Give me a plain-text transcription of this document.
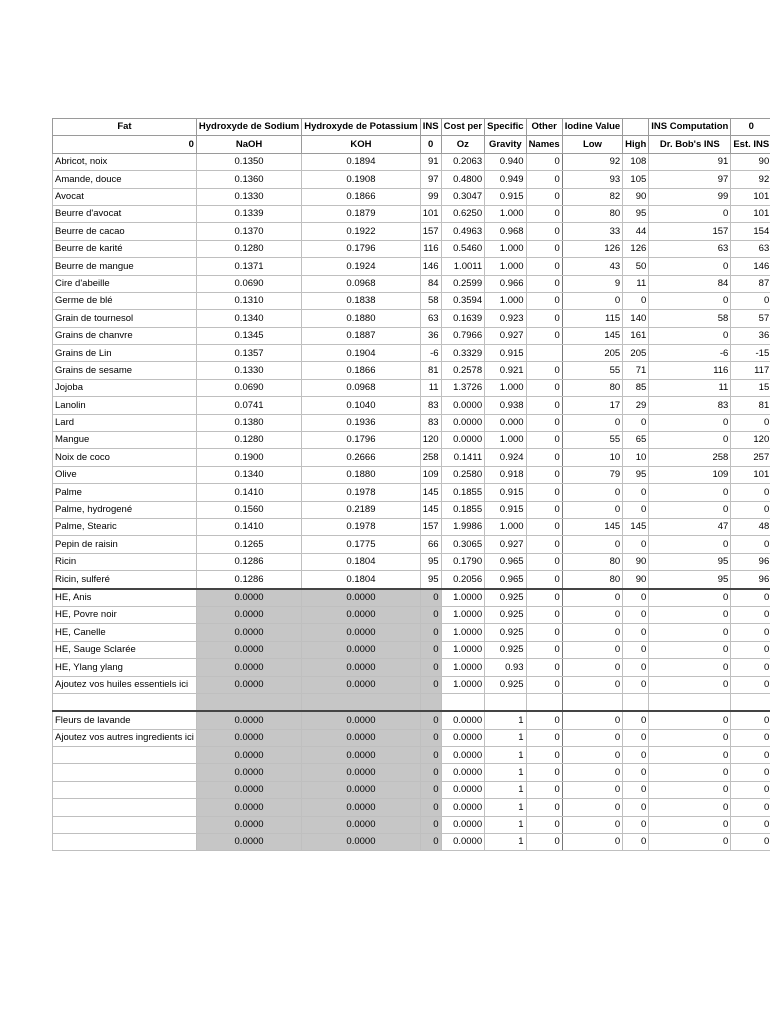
Fat	Hydroxyde de Sodium	Hydroxyde de Potassium	INS	Cost per	Specific	Other	Iodine Value		INS Computation	0
0	NaOH	KOH	0	Oz	Gravity	Names	Low	High	Dr. Bob's INS	Est. INS
Abricot, noix	0.1350	0.1894	91	0.2063	0.940	0	92	108	91	90
Amande, douce	0.1360	0.1908	97	0.4800	0.949	0	93	105	97	92
Avocat	0.1330	0.1866	99	0.3047	0.915	0	82	90	99	101
Beurre d'avocat	0.1339	0.1879	101	0.6250	1.000	0	80	95	0	101
Beurre de cacao	0.1370	0.1922	157	0.4963	0.968	0	33	44	157	154
Beurre de karité	0.1280	0.1796	116	0.5460	1.000	0	126	126	63	63
Beurre de mangue	0.1371	0.1924	146	1.0011	1.000	0	43	50	0	146
Cire d'abeille	0.0690	0.0968	84	0.2599	0.966	0	9	11	84	87
Germe de blé	0.1310	0.1838	58	0.3594	1.000	0	0	0	0	0
Grain de tournesol	0.1340	0.1880	63	0.1639	0.923	0	115	140	58	57
Grains de chanvre	0.1345	0.1887	36	0.7966	0.927	0	145	161	0	36
Grains de Lin	0.1357	0.1904	-6	0.3329	0.915		205	205	-6	-15
Grains de sesame	0.1330	0.1866	81	0.2578	0.921	0	55	71	116	117
Jojoba	0.0690	0.0968	11	1.3726	1.000	0	80	85	11	15
Lanolin	0.0741	0.1040	83	0.0000	0.938	0	17	29	83	81
Lard	0.1380	0.1936	83	0.0000	0.000	0	0	0	0	0
Mangue	0.1280	0.1796	120	0.0000	1.000	0	55	65	0	120
Noix de coco	0.1900	0.2666	258	0.1411	0.924	0	10	10	258	257
Olive	0.1340	0.1880	109	0.2580	0.918	0	79	95	109	101
Palme	0.1410	0.1978	145	0.1855	0.915	0	0	0	0	0
Palme, hydrogené	0.1560	0.2189	145	0.1855	0.915	0	0	0	0	0
Palme, Stearic	0.1410	0.1978	157	1.9986	1.000	0	145	145	47	48
Pepin de raisin	0.1265	0.1775	66	0.3065	0.927	0	0	0	0	0
Ricin	0.1286	0.1804	95	0.1790	0.965	0	80	90	95	96
Ricin, sulferé	0.1286	0.1804	95	0.2056	0.965	0	80	90	95	96
HE, Anis	0.0000	0.0000	0	1.0000	0.925	0	0	0	0	0
HE, Povre noir	0.0000	0.0000	0	1.0000	0.925	0	0	0	0	0
HE, Canelle	0.0000	0.0000	0	1.0000	0.925	0	0	0	0	0
HE, Sauge Sclarée	0.0000	0.0000	0	1.0000	0.925	0	0	0	0	0
HE, Ylang ylang	0.0000	0.0000	0	1.0000	0.93	0	0	0	0	0
Ajoutez vos huiles essentiels ici	0.0000	0.0000	0	1.0000	0.925	0	0	0	0	0

Fleurs de lavande	0.0000	0.0000	0	0.0000	1	0	0	0	0	0
Ajoutez vos autres ingredients ici	0.0000	0.0000	0	0.0000	1	0	0	0	0	0
	0.0000	0.0000	0	0.0000	1	0	0	0	0	0
	0.0000	0.0000	0	0.0000	1	0	0	0	0	0
	0.0000	0.0000	0	0.0000	1	0	0	0	0	0
	0.0000	0.0000	0	0.0000	1	0	0	0	0	0
	0.0000	0.0000	0	0.0000	1	0	0	0	0	0
	0.0000	0.0000	0	0.0000	1	0	0	0	0	0
